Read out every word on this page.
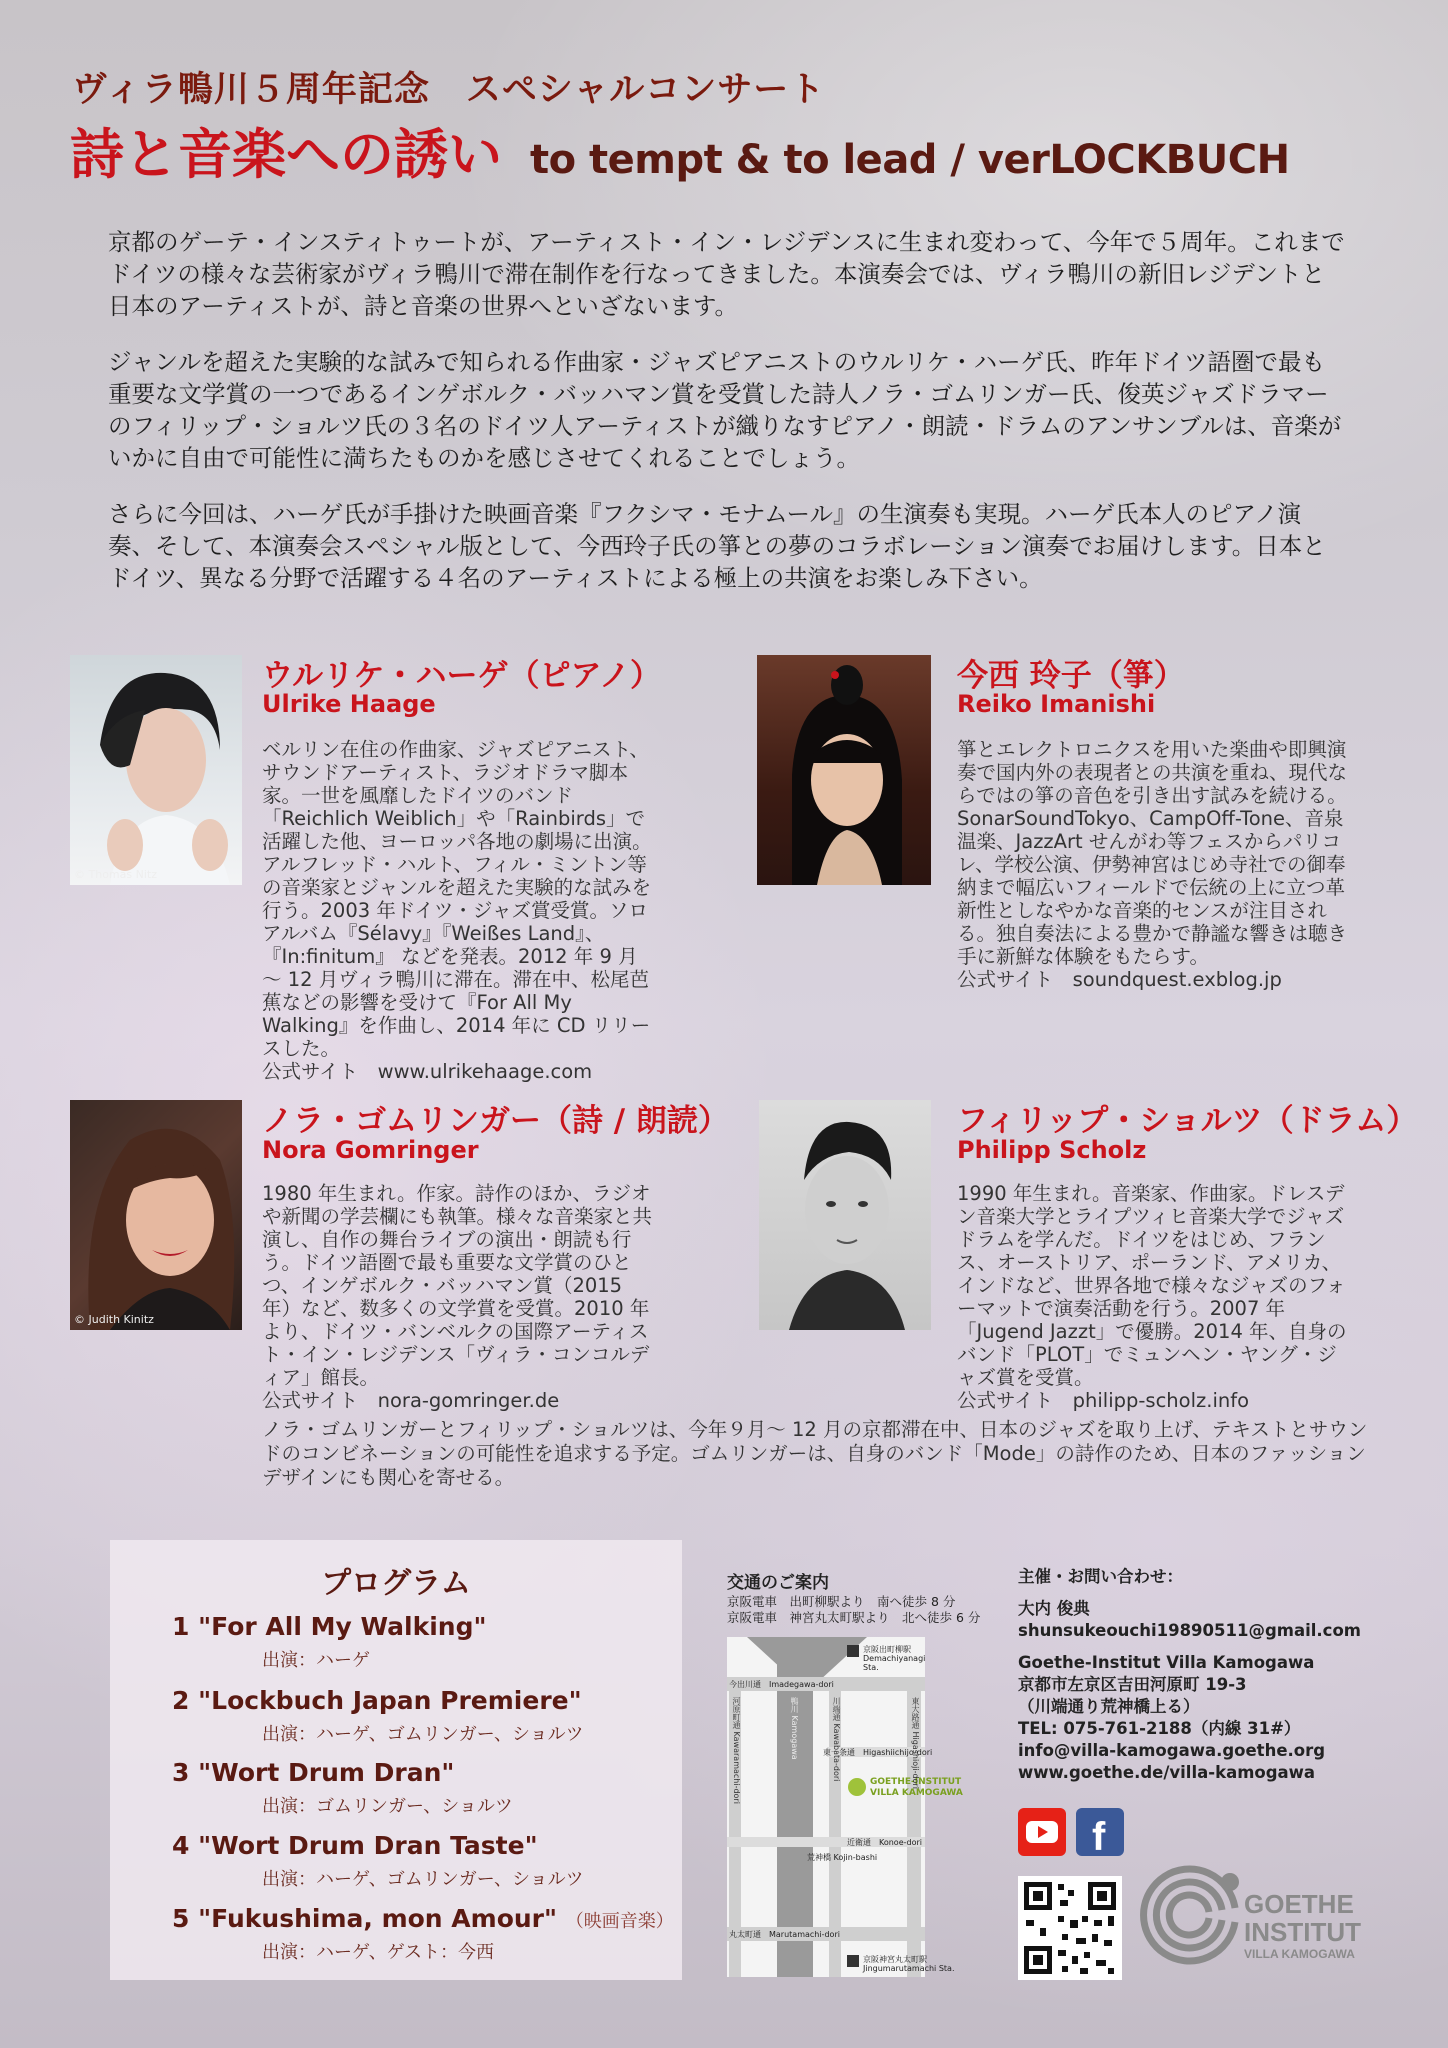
ヴィラ鴨川５周年記念　スペシャルコンサート
詩と音楽への誘い to tempt & to lead / verLOCKBUCH
京都のゲーテ・インスティトゥートが、アーティスト・イン・レジデンスに生まれ変わって、今年で５周年。これまでドイツの様々な芸術家がヴィラ鴨川で滞在制作を行なってきました。本演奏会では、ヴィラ鴨川の新旧レジデントと日本のアーティストが、詩と音楽の世界へといざないます。
ジャンルを超えた実験的な試みで知られる作曲家・ジャズピアニストのウルリケ・ハーゲ氏、昨年ドイツ語圏で最も重要な文学賞の一つであるインゲボルク・バッハマン賞を受賞した詩人ノラ・ゴムリンガー氏、俊英ジャズドラマーのフィリップ・ショルツ氏の３名のドイツ人アーティストが織りなすピアノ・朗読・ドラムのアンサンブルは、音楽がいかに自由で可能性に満ちたものかを感じさせてくれることでしょう。
さらに今回は、ハーゲ氏が手掛けた映画音楽『フクシマ・モナムール』の生演奏も実現。ハーゲ氏本人のピアノ演奏、そして、本演奏会スペシャル版として、今西玲子氏の箏との夢のコラボレーション演奏でお届けします。日本とドイツ、異なる分野で活躍する４名のアーティストによる極上の共演をお楽しみ下さい。
© Thomas Nitz
ウルリケ・ハーゲ（ピアノ）
Ulrike Haage
ベルリン在住の作曲家、ジャズピアニスト、サウンドアーティスト、ラジオドラマ脚本家。一世を風靡したドイツのバンド「Reichlich Weiblich」や「Rainbirds」で活躍した他、ヨーロッパ各地の劇場に出演。アルフレッド・ハルト、フィル・ミントン等の音楽家とジャンルを超えた実験的な試みを行う。2003 年ドイツ・ジャズ賞受賞。ソロアルバム『Sélavy』『Weißes Land』、『In:finitum』 などを発表。2012 年 9 月～ 12 月ヴィラ鴨川に滞在。滞在中、松尾芭蕉などの影響を受けて『For All My Walking』を作曲し、2014 年に CD リリースした。
公式サイト　www.ulrikehaage.com
今西 玲子（箏）
Reiko Imanishi
箏とエレクトロニクスを用いた楽曲や即興演奏で国内外の表現者との共演を重ね、現代ならではの箏の音色を引き出す試みを続ける。SonarSoundTokyo、CampOff-Tone、音泉温楽、JazzArt せんがわ等フェスからパリコレ、学校公演、伊勢神宮はじめ寺社での御奉納まで幅広いフィールドで伝統の上に立つ革新性としなやかな音楽的センスが注目される。独自奏法による豊かで静謐な響きは聴き手に新鮮な体験をもたらす。
公式サイト　soundquest.exblog.jp
© Judith Kinitz
ノラ・ゴムリンガー（詩 / 朗読）
Nora Gomringer
1980 年生まれ。作家。詩作のほか、ラジオや新聞の学芸欄にも執筆。様々な音楽家と共演し、自作の舞台ライブの演出・朗読も行う。ドイツ語圏で最も重要な文学賞のひとつ、インゲボルク・バッハマン賞（2015 年）など、数多くの文学賞を受賞。2010 年より、ドイツ・バンベルクの国際アーティスト・イン・レジデンス「ヴィラ・コンコルディア」館長。
公式サイト　nora-gomringer.de
フィリップ・ショルツ（ドラム）
Philipp Scholz
1990 年生まれ。音楽家、作曲家。ドレスデン音楽大学とライプツィヒ音楽大学でジャズドラムを学んだ。ドイツをはじめ、フランス、オーストリア、ポーランド、アメリカ、インドなど、世界各地で様々なジャズのフォーマットで演奏活動を行う。2007 年「Jugend Jazzt」で優勝。2014 年、自身のバンド「PLOT」でミュンヘン・ヤング・ジャズ賞を受賞。
公式サイト　philipp-scholz.info
ノラ・ゴムリンガーとフィリップ・ショルツは、今年９月～ 12 月の京都滞在中、日本のジャズを取り上げ、テキストとサウンドのコンビネーションの可能性を追求する予定。ゴムリンガーは、自身のバンド「Mode」の詩作のため、日本のファッションデザインにも関心を寄せる。
プログラム
1 "For All My Walking"
出演：ハーゲ
2 "Lockbuch Japan Premiere"
出演：ハーゲ、ゴムリンガー、ショルツ
3 "Wort Drum Dran"
出演：ゴムリンガー、ショルツ
4 "Wort Drum Dran Taste"
出演：ハーゲ、ゴムリンガー、ショルツ
5 "Fukushima, mon Amour" （映画音楽）
出演：ハーゲ、ゲスト：今西
交通のご案内
京阪電車　出町柳駅より　南へ徒歩 8 分
京阪電車　神宮丸太町駅より　北へ徒歩 6 分
京阪出町柳駅
Demachiyanagi Sta.
今出川通　Imadegawa-dori
東一条通　Higashiichijo-dori
GOETHE-INSTITUT
VILLA KAMOGAWA
荒神橋 Kojin-bashi
近衛通　Konoe-dori
丸太町通　Marutamachi-dori
京阪神宮丸太町駅
Jingumarutamachi Sta.
河原町通 Kawaramachi-dori	鴨川 Kamogawa	川端通 Kawabata-dori	東大路通 Higashioji-dori
主催・お問い合わせ：
大内 俊典
shunsukeouchi19890511@gmail.com
Goethe-Institut Villa Kamogawa
京都市左京区吉田河原町 19-3
（川端通り荒神橋上る）
TEL: 075-761-2188（内線 31#）
info@villa-kamogawa.goethe.org
www.goethe.de/villa-kamogawa
f
GOETHE
INSTITUT
VILLA KAMOGAWA
